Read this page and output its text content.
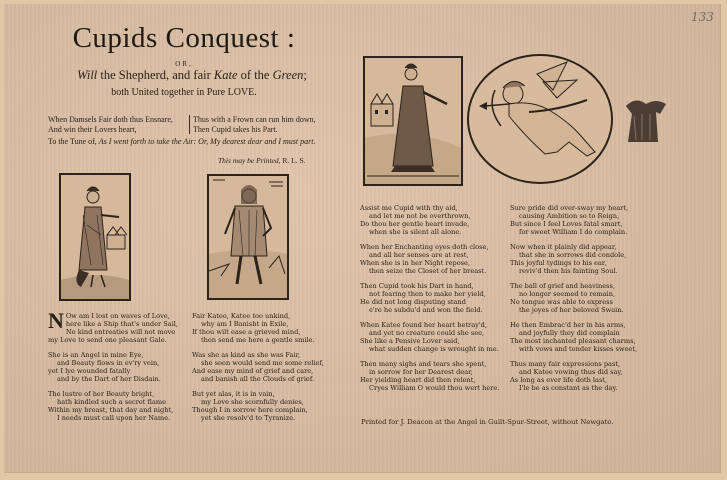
133
Cupids Conquest :
OR,
Will the Shepherd, and fair Kate of the Green;
both United together in Pure LOVE.
When Damsels Fair doth thus Ensnare,
And win their Lovers heart,
Thus with a Frown can run him down,
Then Cupid takes his Part.
To the Tune of, As I went forth to take the Air: Or, My dearest dear and I must part.
This may be Printed, R. L. S.
N Ow am I lost on waves of Love,
here like a Ship that's under Sail,
No kind entreaties will not move
my Love to send one pleasant Gale.
She is an Angel in mine Eye,
and Beauty flows in ev'ry vein,
yet I lye wounded fatally
and by the Dart of her Disdain.
The lustre of her Beauty bright,
hath kindled such a secret flame
Within my breast, that day and night,
I needs must call upon her Name.
Fair Katee, Katee too unkind,
why am I Banisht in Exile,
If thou wilt ease a grieved mind,
then send me here a gentle smile.
Was she as kind as she was Fair,
she soon would send me some relief,
And ease my mind of grief and care,
and banish all the Clouds of grief.
But yet alas, it is in vain,
my Love she scornfully denies,
Though I in sorrow here complain,
yet she resolv'd to Tyranize.
Assist me Cupid with thy aid,
and let me not be overthrown,
Do thou her gentle heart invade,
when she is silent all alone.
When her Enchanting eyes doth close,
and all her senses are at rest,
When she is in her Night repose,
then seize the Closet of her breast.
Then Cupid took his Dart in hand,
not fearing then to make her yield,
He did not long disputing stand
e're he subdu'd and won the field.
When Katee found her heart betray'd,
and yet no creature could she see,
She like a Pensive Lover said,
what sudden change is wrought in me.
Then many sighs and tears she spent,
in sorrow for her Dearest dear,
Her yielding heart did then relent,
Cryes William O would thou wert here.
Sure pride did over-sway my heart,
causing Ambition so to Reign,
But since I feel Loves fatal smart,
for sweet William I do complain.
Now when it plainly did appear,
that she in sorrows did condole,
This joyful tydings to his ear,
reviv'd then his fainting Soul.
The ball of grief and heaviness,
no longer seemed to remain,
No tongue was able to express
the joyes of her beloved Swain.
He then Embrac'd her in his arms,
and joyfully they did complain
The most inchanted pleasant charms,
with vows and tender kisses sweet,
Thus many fair expressions past,
and Katee vowing thus did say,
As long as ever life doth last,
I'le be as constant as the day.
Printed for J. Deacon at the Angel in Guilt-Spur-Street, without Newgate.
